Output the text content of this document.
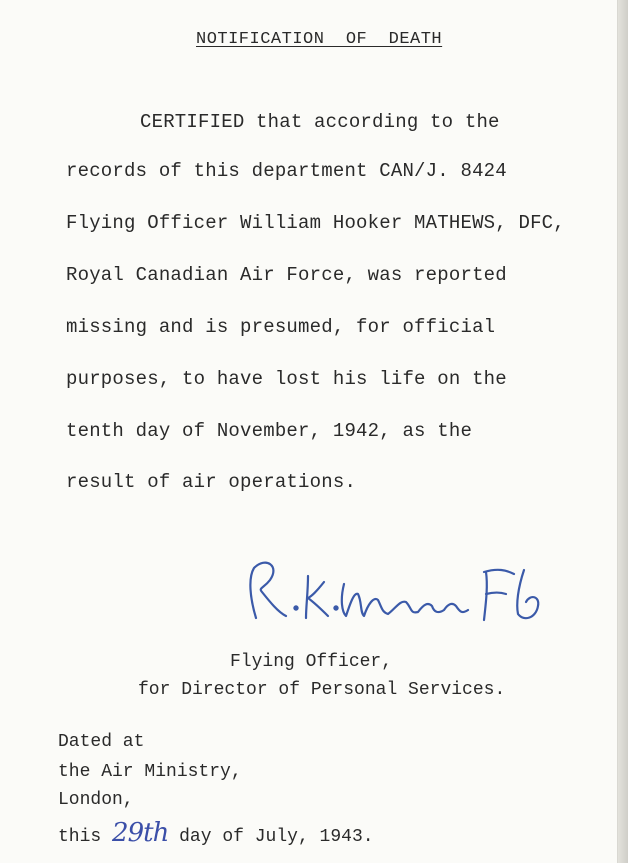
NOTIFICATION  OF  DEATH
CERTIFIED that according to the
records of this department CAN/J. 8424
Flying Officer William Hooker MATHEWS, DFC,
Royal Canadian Air Force, was reported
missing and is presumed, for official
purposes, to have lost his life on the
tenth day of November, 1942, as the
result of air operations.
Flying Officer,
for Director of Personal Services.
Dated at
the Air Ministry,
London,
this 29th day of July, 1943.
